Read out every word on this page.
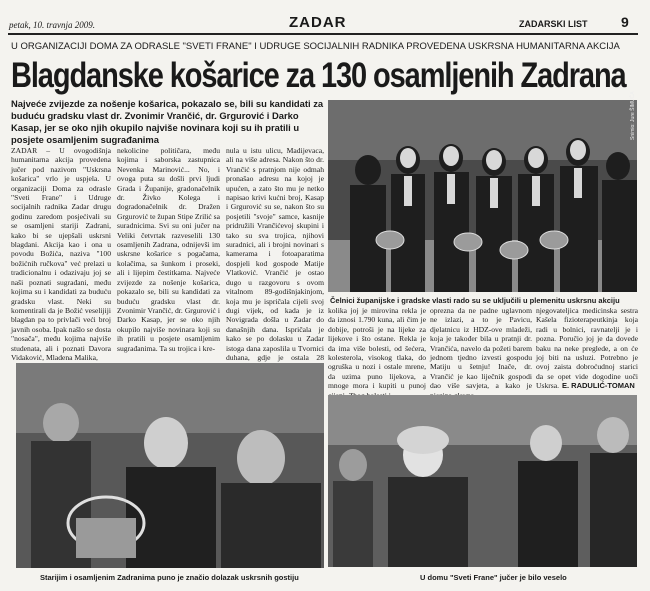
petak, 10. travnja 2009.	ZADAR	ZADARSKI LIST 9
U ORGANIZACIJI DOMA ZA ODRASLE "SVETI FRANE" I UDRUGE SOCIJALNIH RADNIKA PROVEDENA USKRSNA HUMANITARNA AKCIJA
Blagdanske košarice za 130 osamljenih Zadrana
Najveće zvijezde za nošenje košarica, pokazalo se, bili su kandidati za buduću gradsku vlast dr. Zvonimir Vrančić, dr. Grgurović i Darko Kasap, jer se oko njih okupilo najviše novinara koji su ih pratili u posjete osamljenim sugrađanima	Snimio: Jure ŠIMUČA
Čelnici županijske i gradske vlasti rado su se uključili u plemenitu uskrsnu akciju
ZADAR – U ovogodišnja humanitarna akcija provedena jučer pod nazivom "Uskrsna košarica" vrlo je uspjela. U organizaciji Doma za odrasle "Sveti Frane" i Udruge socijalnih radnika Zadar drugu godinu zaredom posjećivali su se osamljeni stariji Zadrani, kako bi se ujepšali uskrsni blagdani. Akcija kao i ona u povodu Božića, naziva "100 božićnih ručkova" već prelazi u tradicionalnu i odazivaju joj se naši poznati sugrađani, među kojima su i kandidati za buduću gradsku vlast. Neki su komentirali da je Božić veselijiji blagdan pa to privlači veći broj javnih osoba. Ipak našlo se dosta "nosača", među kojima najviše studenata, ali i poznati Davora Vidaković, Mladena Malika,
nekolicine političara, među kojima i saborska zastupnica Nevenka Marinović... No, i ovoga puta su došli prvi ljudi Grada i Županije, gradonačelnik dr. Živko Kolega i dogradonačelnik dr. Dražen Grgurović te župan Stipe Zrilić sa suradnicima. Svi su oni jučer na Veliki četvrtak razveselili 130 osamljenih Zadrana, odnijevši im uskrsne košarice s pogačama, kolačima, sa šunkom i proseki, ali i lijepim čestitkama. Najveće zvijezde za nošenje košarica, pokazalo se, bili su kandidati za buduću gradsku vlast dr. Zvonimir Vrančić, dr. Grgurović i Darko Kasap, jer se oko njih okupilo najviše novinara koji su ih pratili u posjete osamljenim sugrađanima. Ta su trojica i kre-
nula u istu ulicu, Madijevaca, ali na više adresa. Nakon što dr. Vrančić s pratnjom nije odmah pronašao adresu na kojoj je upućen, a zato što mu je netko napisao krivi kućni broj, Kasap i Grgurović su se, nakon što su posjetili "svoje" samce, kasnije pridružili Vrančićevoj skupini i tako su sva trojica, njihovi suradnici, ali i brojni novinari s kamerama i fotoaparatima dospjeli kod gospode Matije Vlatković. Vrančić je ostao dugo u razgovoru s ovom vitalnom 89-godišnjakinjom, koja mu je ispričala cijeli svoj dugi vijek, od kada je iz Novigrada došla u Zadar do današnjih dana. Ispričala je kako se po dolasku u Zadar istoga dana zaposlila u Tvornici duhana, gdje je ostala 28
kolika joj je mirovina rekla je da iznosi 1.790 kuna, ali čim je dobije, potroši je na lijeke za lijekove i što ostane. Rekla je da ima više bolesti, od šećera, kolesterola, visokog tlaka, do ogruška u nozi i ostale mrene, da uzima puno lijekova, a mnoge mora i kupiti u punoj
oprezna da ne padne uglavnom ne izlazi, a to je Pavicu, djelatnicu iz HDZ-ove mladeži, koja je također bila u pratnji dr. Vrančića, navelo da požeti barem jednom tjedno izvesti gospodu Matiju u šetnju! Inače, dr. Vrančić je kao liječnik gospodi dao više savjeta, a kako je
njegovateljica medicinska sestra Kašela fizioterapeutkinja koja radi u bolnici, ravnatelji je i pozna. Poručio joj je da dovede baku na neke pregledе, a on će joj biti na usluzi. Potrebno je ovoj zaista dobroćudnoj starici da se opet vide dogodine uoči Uskrsa. E. RADULIĆ-TOMAN
Starijim i osamljenim Zadranima puno je značio dolazak uskrsnih gostiju	U domu "Sveti Frane" jučer je bilo veselo
